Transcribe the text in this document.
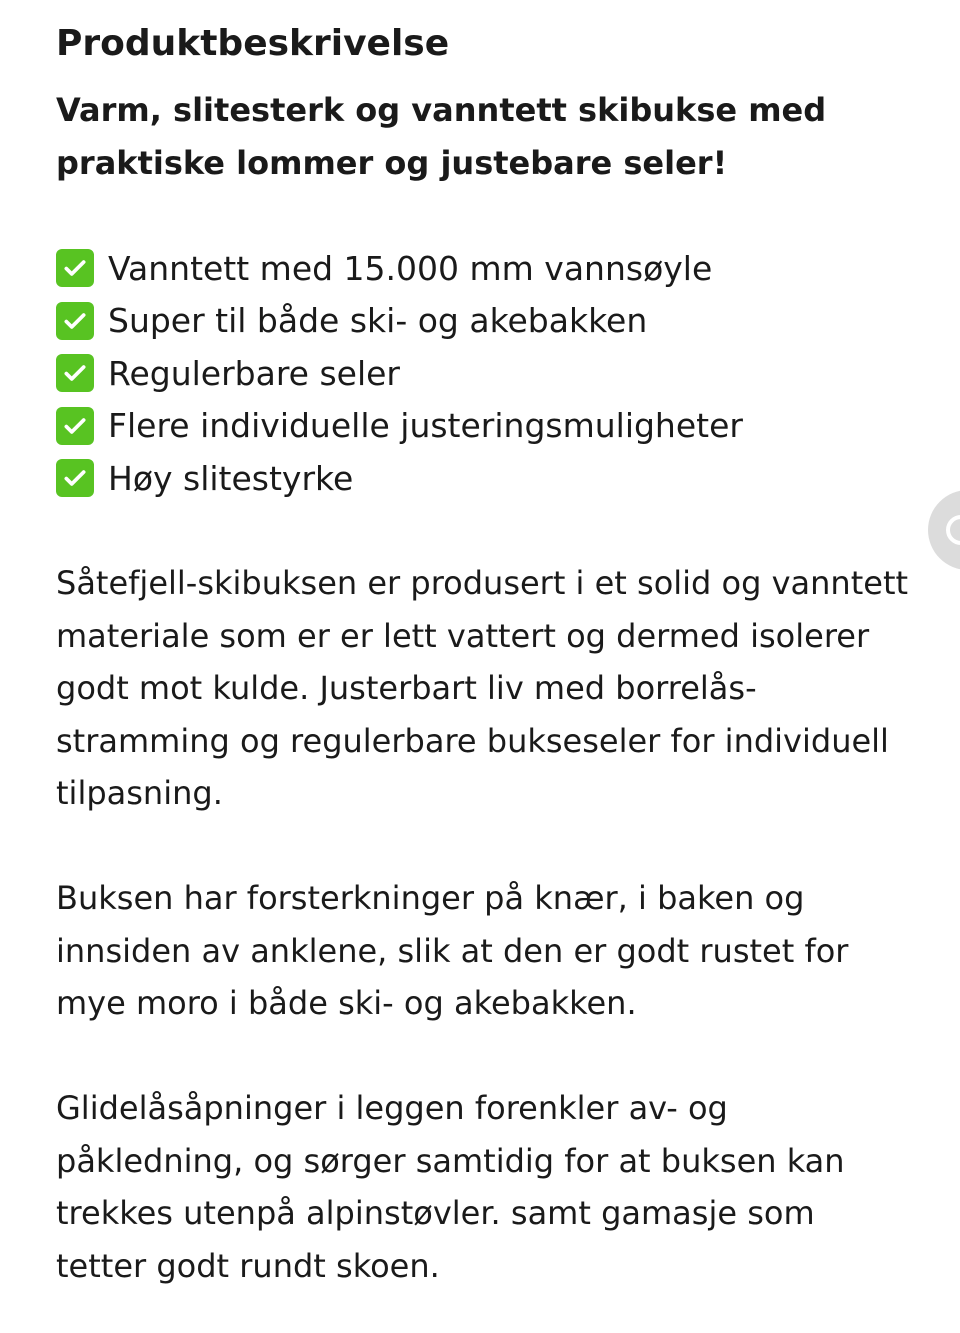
Produktbeskrivelse

Varm, slitesterk og vanntett skibukse med praktiske lommer og justebare seler!

Vanntett med 15.000 mm vannsøyle
Super til både ski- og akebakken
Regulerbare seler
Flere individuelle justeringsmuligheter
Høy slitestyrke

Såtefjell-skibuksen er produsert i et solid og vanntett
materiale som er er lett vattert og dermed isolerer
godt mot kulde. Justerbart liv med borrelås-
stramming og regulerbare bukseseler for individuell
tilpasning.

Buksen har forsterkninger på knær, i baken og
innsiden av anklene, slik at den er godt rustet for
mye moro i både ski- og akebakken.

Glidelåsåpninger i leggen forenkler av- og
påkledning, og sørger samtidig for at buksen kan
trekkes utenpå alpinstøvler. samt gamasje som
tetter godt rundt skoen.
